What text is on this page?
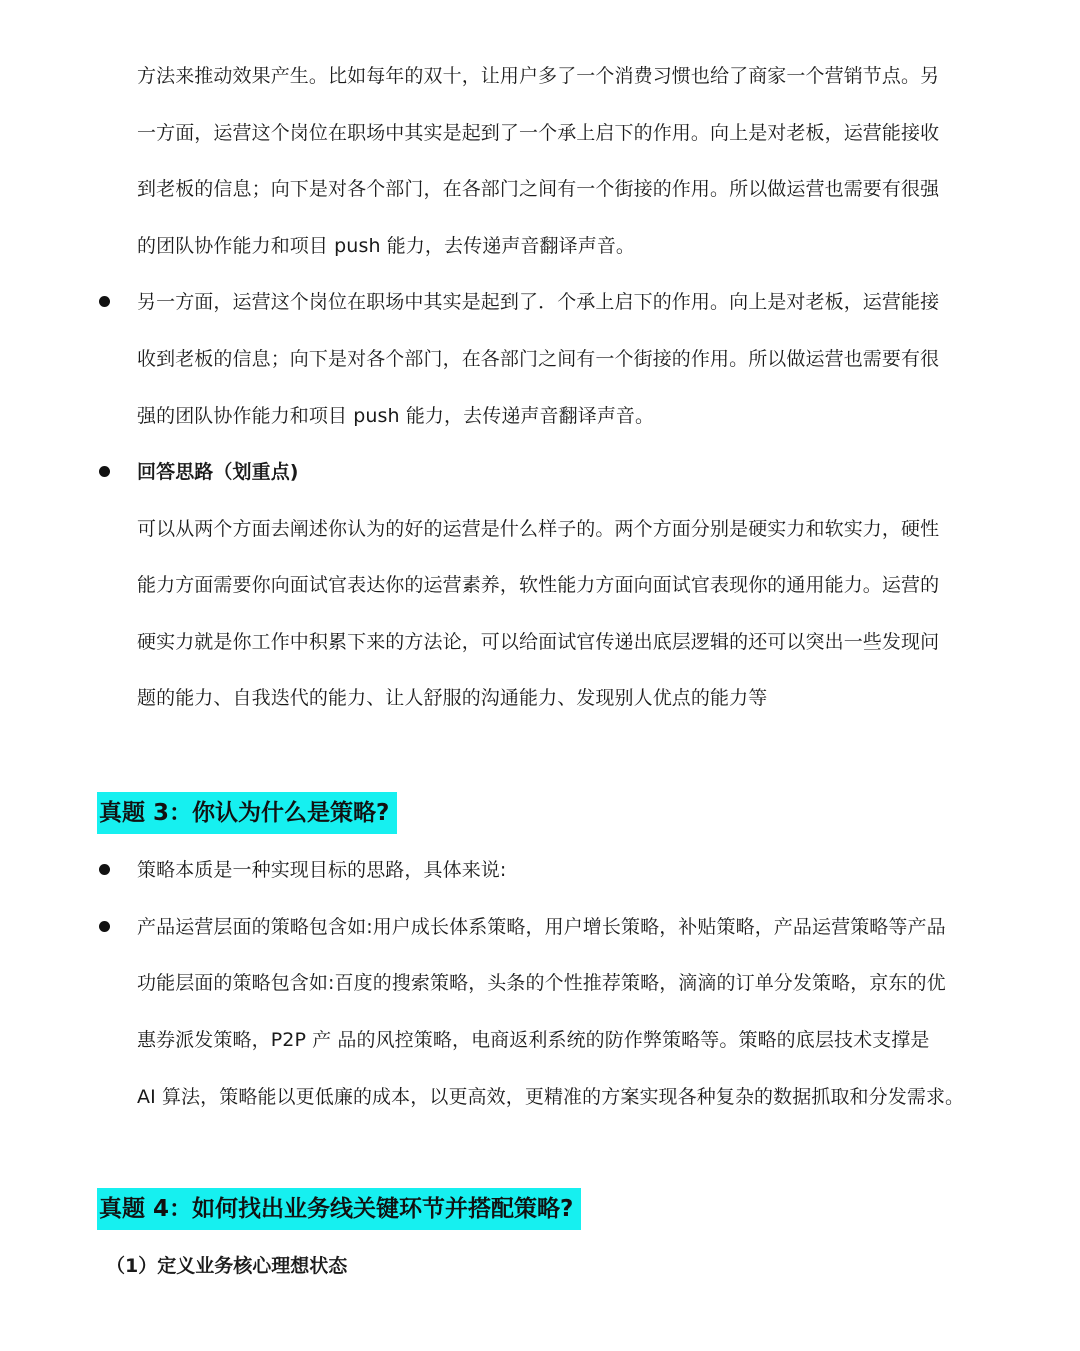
方法来推动效果产生。比如每年的双十，让用户多了一个消费习惯也给了商家一个营销节点。另
一方面，运营这个岗位在职场中其实是起到了一个承上启下的作用。向上是对老板，运营能接收
到老板的信息；向下是对各个部门，在各部门之间有一个街接的作用。所以做运营也需要有很强
的团队协作能力和项目 push 能力，去传递声音翻译声音。
另一方面，运营这个岗位在职场中其实是起到了．个承上启下的作用。向上是对老板，运营能接
收到老板的信息；向下是对各个部门，在各部门之间有一个街接的作用。所以做运营也需要有很
强的团队协作能力和项目 push 能力，去传递声音翻译声音。
回答思路（划重点)
可以从两个方面去阐述你认为的好的运营是什么样子的。两个方面分别是硬实力和软实力，硬性
能力方面需要你向面试官表达你的运营素养，软性能力方面向面试官表现你的通用能力。运营的
硬实力就是你工作中积累下来的方法论，可以给面试官传递出底层逻辑的还可以突出一些发现问
题的能力、自我迭代的能力、让人舒服的沟通能力、发现别人优点的能力等
真题 3：你认为什么是策略?
策略本质是一种实现目标的思路，具体来说:
产品运营层面的策略包含如:用户成长体系策略，用户增长策略，补贴策略，产品运营策略等产品
功能层面的策略包含如:百度的搜索策略，头条的个性推荐策略，滴滴的订单分发策略，京东的优
惠券派发策略，P2P 产 品的风控策略，电商返利系统的防作弊策略等。策略的底层技术支撑是
AI 算法，策略能以更低廉的成本，以更高效，更精准的方案实现各种复杂的数据抓取和分发需求。
真题 4：如何找出业务线关键环节并搭配策略?
（1）定义业务核心理想状态
